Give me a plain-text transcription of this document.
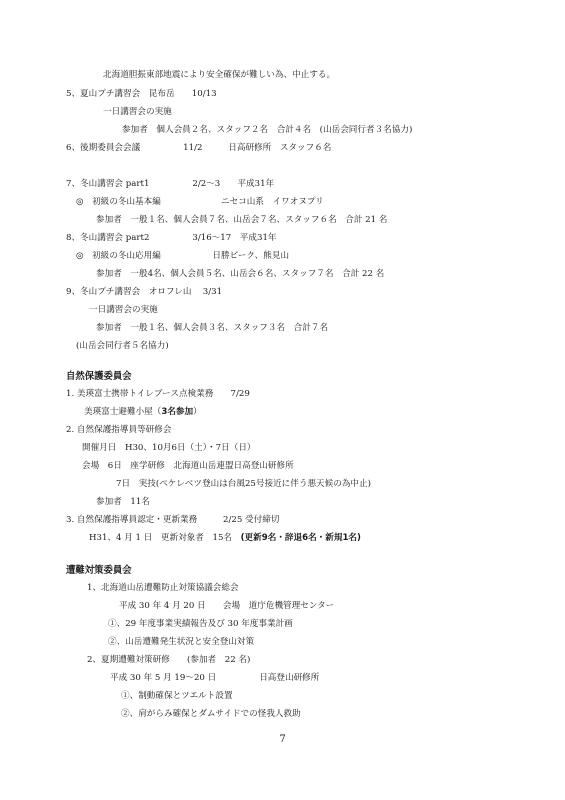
北海道胆振東部地震により安全確保が難しい為、中止する。
5、夏山プチ講習会　昆布岳　　10/13
一日講習会の実施
参加者　個人会員２名、スタッフ２名　合計４名　(山岳会同行者３名協力)
6、後期委員会会議　　　　　11/2　　　日高研修所　スタッフ６名
7、冬山講習会 part1　　　　　2/2～3　　平成31年
◎　初級の冬山基本編　　　　　　　ニセコ山系　イワオヌプリ
参加者　一般１名、個人会員７名、山岳会７名、スタッフ６名　合計 21 名
8、冬山講習会 part2　　　　　3/16～17　平成31年
◎　初級の冬山応用編　　　　　　日勝ピーク、熊見山
参加者　一般4名、個人会員５名、山岳会６名、スタッフ７名　合計 22 名
9、冬山プチ講習会　オロフレ山　 3/31
一日講習会の実施
参加者　一般１名、個人会員３名、スタッフ３名　合計７名
(山岳会同行者５名協力)
自然保護委員会
1. 美瑛富士携帯トイレブース点検業務　　7/29
美瑛富士避難小屋（3名参加）
2. 自然保護指導員等研修会
開催月日　H30、10月6日（土）・7日（日）
会場　6日　座学研修　北海道山岳連盟日高登山研修所
7日　実技(ペケレベツ登山は台風25号接近に伴う悪天候の為中止)
参加者　11名
3. 自然保護指導員認定・更新業務　　　2/25 受付締切
H31、4 月 1 日　更新対象者　15名　(更新9名・辞退6名・新規1名)
遭難対策委員会
1、北海道山岳遭難防止対策協議会総会
平成 30 年 4 月 20 日　　会場　道庁危機管理センター
①、29 年度事業実績報告及び 30 年度事業計画
②、山岳遭難発生状況と安全登山対策
2、夏期遭難対策研修　　(参加者　22 名)
平成 30 年 5 月 19～20 日　　　　　日高登山研修所
①、制動確保とツエルト設置
②、肩がらみ確保とダムサイドでの怪我人救助
7
